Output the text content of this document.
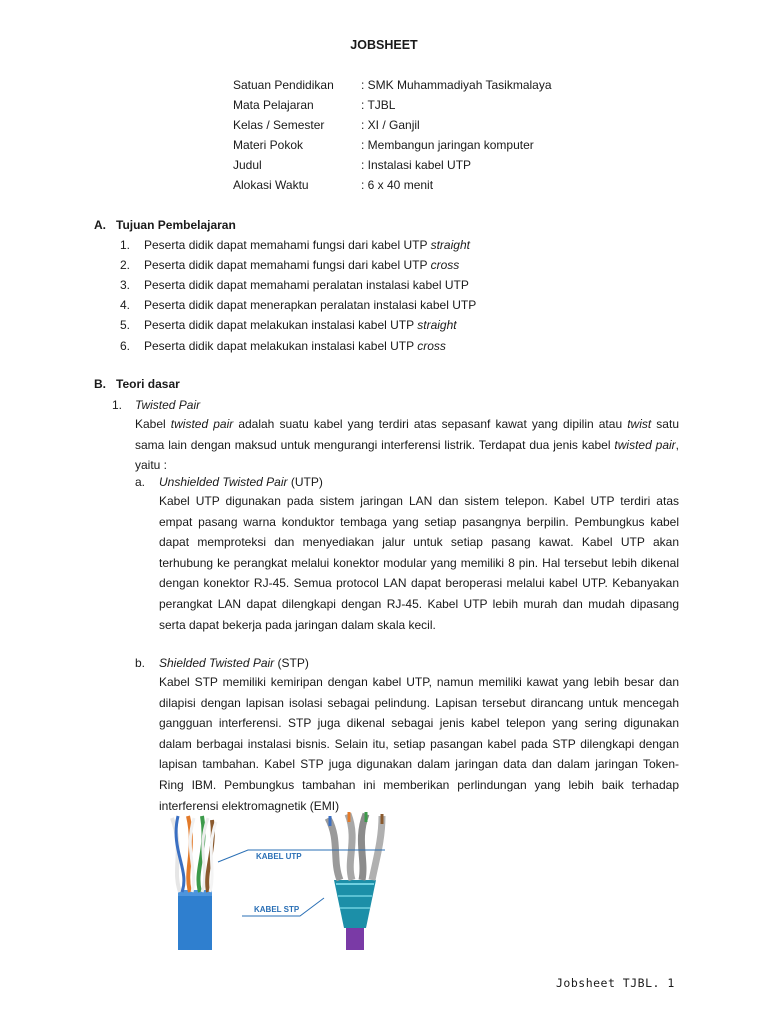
JOBSHEET
Satuan Pendidikan : SMK Muhammadiyah Tasikmalaya
Mata Pelajaran	: TJBL
Kelas / Semester	: XI / Ganjil
Materi Pokok	: Membangun jaringan komputer
Judul	: Instalasi kabel UTP
Alokasi Waktu	: 6 x 40 menit
A.   Tujuan Pembelajaran
1. Peserta didik dapat memahami fungsi dari kabel UTP straight
2. Peserta didik dapat memahami fungsi dari kabel UTP cross
3. Peserta didik dapat memahami peralatan instalasi kabel UTP
4. Peserta didik dapat menerapkan peralatan instalasi kabel UTP
5. Peserta didik dapat melakukan instalasi kabel UTP straight
6. Peserta didik dapat melakukan instalasi kabel UTP cross
B.   Teori dasar
1. Twisted Pair
Kabel twisted pair adalah suatu kabel yang terdiri atas sepasanf kawat yang dipilin atau twist satu sama lain dengan maksud untuk mengurangi interferensi listrik. Terdapat dua jenis kabel twisted pair, yaitu :
a. Unshielded Twisted Pair (UTP)
Kabel UTP digunakan pada sistem jaringan LAN dan sistem telepon. Kabel UTP terdiri atas empat pasang warna konduktor tembaga yang setiap pasangnya berpilin. Pembungkus kabel dapat memproteksi dan menyediakan jalur untuk setiap pasang kawat. Kabel UTP akan terhubung ke perangkat melalui konektor modular yang memiliki 8 pin. Hal tersebut lebih dikenal dengan konektor RJ-45. Semua protocol LAN dapat beroperasi melalui kabel UTP. Kebanyakan perangkat LAN dapat dilengkapi dengan RJ-45. Kabel UTP lebih murah dan mudah dipasang serta dapat bekerja pada jaringan dalam skala kecil.
b. Shielded Twisted Pair (STP)
Kabel STP memiliki kemiripan dengan kabel UTP, namun memiliki kawat yang lebih besar dan dilapisi dengan lapisan isolasi sebagai pelindung. Lapisan tersebut dirancang untuk mencegah gangguan interferensi. STP juga dikenal sebagai jenis kabel telepon yang sering digunakan dalam berbagai instalasi bisnis. Selain itu, setiap pasangan kabel pada STP dilengkapi dengan lapisan tambahan. Kabel STP juga digunakan dalam jaringan data dan dalam jaringan Token-Ring IBM. Pembungkus tambahan ini memberikan perlindungan yang lebih baik terhadap interferensi elektromagnetik (EMI)
KABEL UTP
KABEL STP
Jobsheet TJBL. 1
